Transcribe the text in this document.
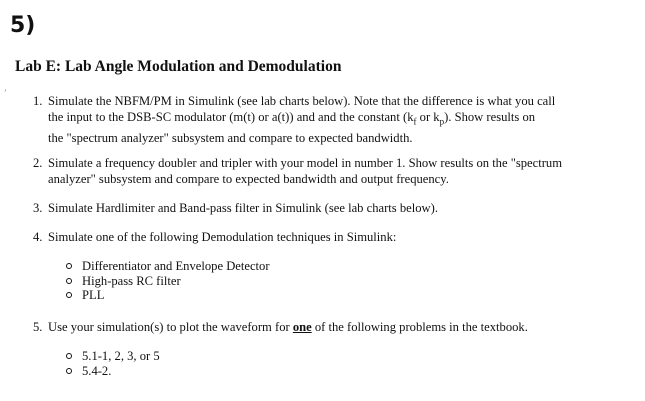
5)
Lab E: Lab Angle Modulation and Demodulation
ʼ
1. Simulate the NBFM/PM in Simulink (see lab charts below). Note that the difference is what you call
the input to the DSB-SC modulator (m(t) or a(t)) and and the constant ($k_f$ or $k_p$). Show results on
the "spectrum analyzer" subsystem and compare to expected bandwidth.
2. Simulate a frequency doubler and tripler with your model in number 1. Show results on the "spectrum
analyzer" subsystem and compare to expected bandwidth and output frequency.
3. Simulate Hardlimiter and Band-pass filter in Simulink (see lab charts below).
4. Simulate one of the following Demodulation techniques in Simulink:
Differentiator and Envelope Detector
High-pass RC filter
PLL
5. Use your simulation(s) to plot the waveform for one of the following problems in the textbook.
5.1-1, 2, 3, or 5
5.4-2.
